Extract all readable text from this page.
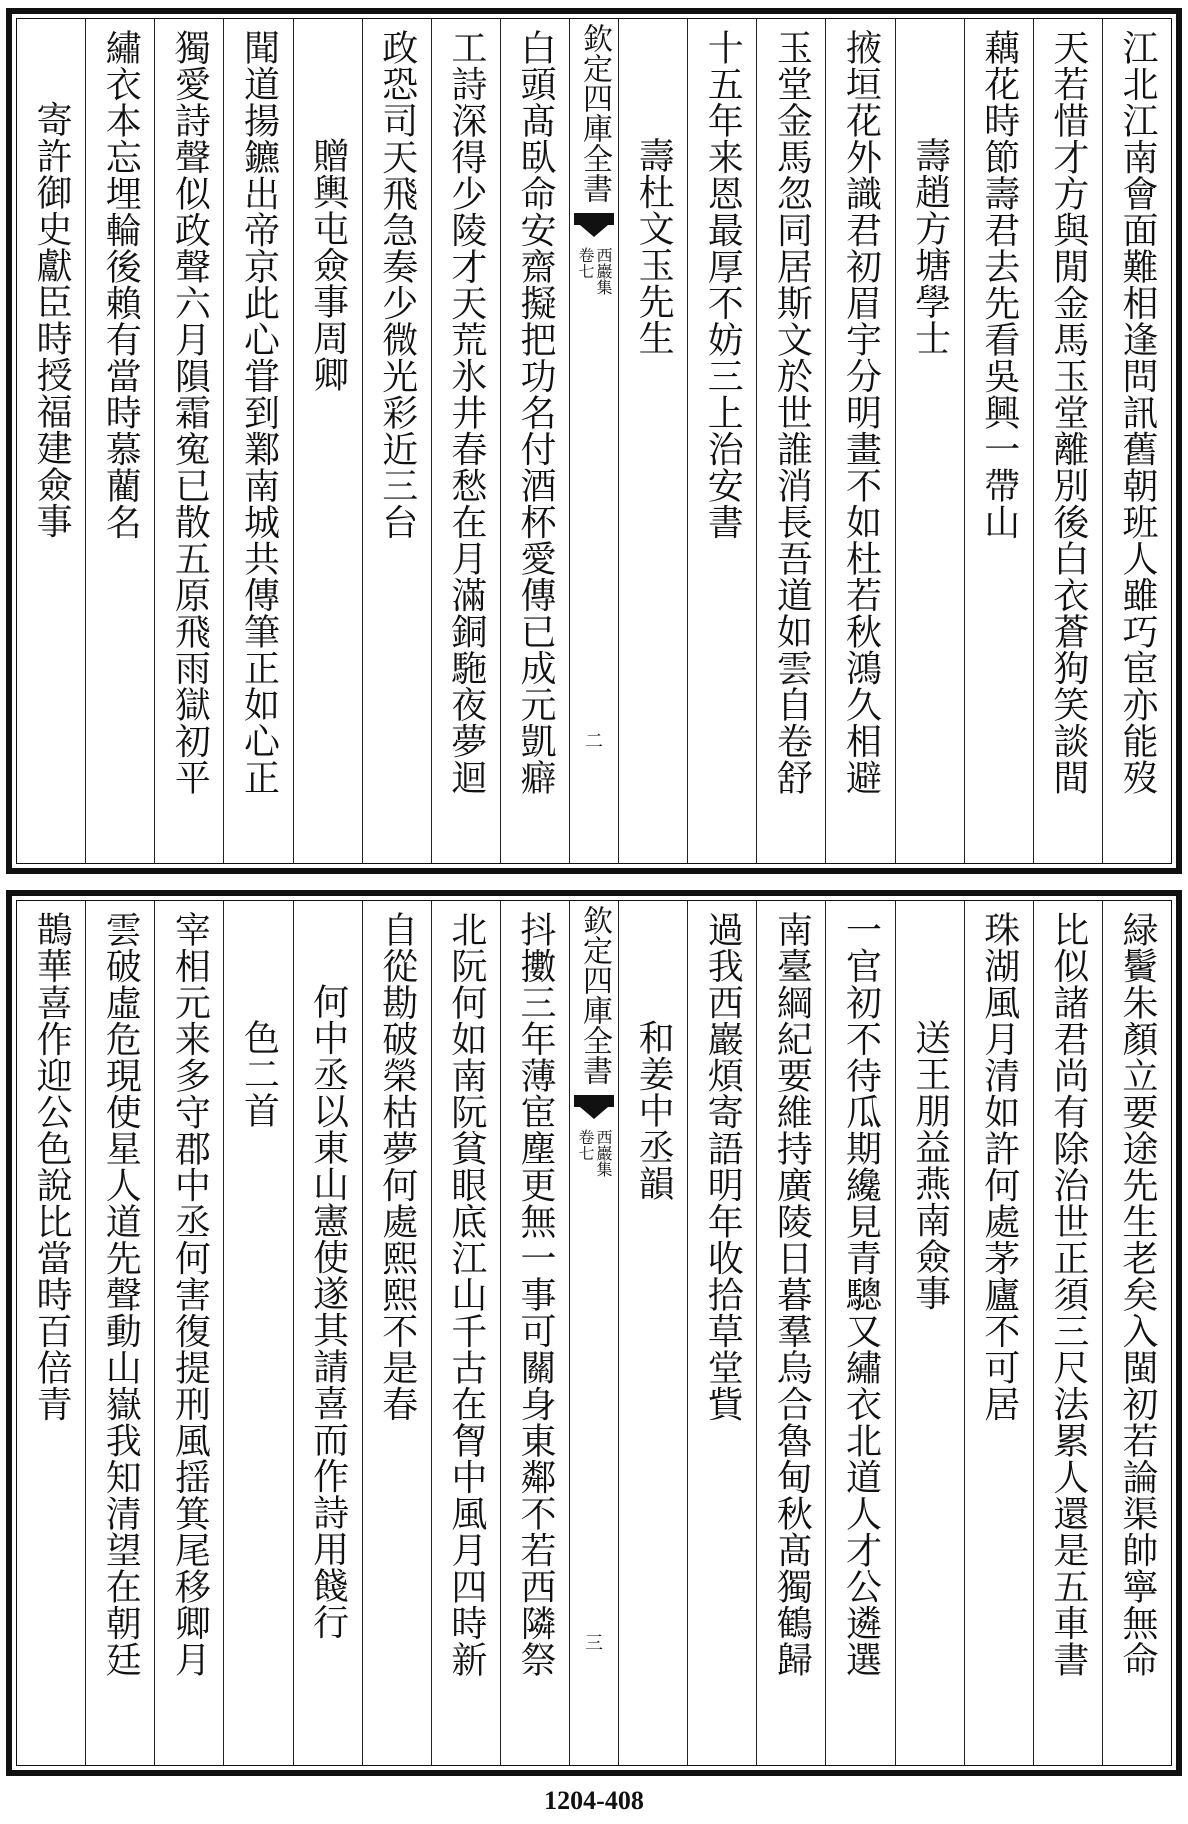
江北江南會面難相逢問訊舊朝班人雖巧宦亦能歿
天若惜才方與閒金馬玉堂離別後白衣蒼狗笑談間
藕花時節壽君去先看吳興一帶山
壽趙方塘學士
掖垣花外識君初眉宇分明畫不如杜若秋鴻久相避
玉堂金馬忽同居斯文於世誰消長吾道如雲自卷舒
十五年来恩最厚不妨三上治安書
壽杜文玉先生
欽定四庫全書
西巖集
卷七
二
白頭髙臥命安齋擬把功名付酒杯愛傳已成元凱癖
工詩深得少陵才天荒氷井春愁在月滿銅駞夜夢迴
政恐司天飛急奏少微光彩近三台
贈輿屯僉事周卿
聞道揚鑣出帝京此心甞到鄴南城共傳筆正如心正
獨愛詩聲似政聲六月隕霜寃已散五原飛雨獄初平
繡衣本忘埋輪後賴有當時慕藺名
寄許御史獻臣時授福建僉事
緑鬢朱顏立要途先生老矣入閩初若論渠帥寧無命
比似諸君尚有除治世正須三尺法累人還是五車書
珠湖風月清如許何處茅廬不可居
送王朋益燕南僉事
一官初不待瓜期纔見青驄又繡衣北道人才公遴選
南臺綱紀要維持廣陵日暮羣烏合魯甸秋髙獨鶴歸
過我西巖煩寄語明年收拾草堂貲
和姜中丞韻
欽定四庫全書
西巖集
卷七
三
抖擻三年薄宦塵更無一事可關身東鄰不若西隣祭
北阮何如南阮貧眼底江山千古在胷中風月四時新
自從勘破榮枯夢何處熙熙不是春
何中丞以東山憲使遂其請喜而作詩用餞行
色二首
宰相元来多守郡中丞何害復提刑風揺箕尾移卿月
雲破虛危現使星人道先聲動山嶽我知清望在朝廷
鵲華喜作迎公色說比當時百倍青
1204-408
